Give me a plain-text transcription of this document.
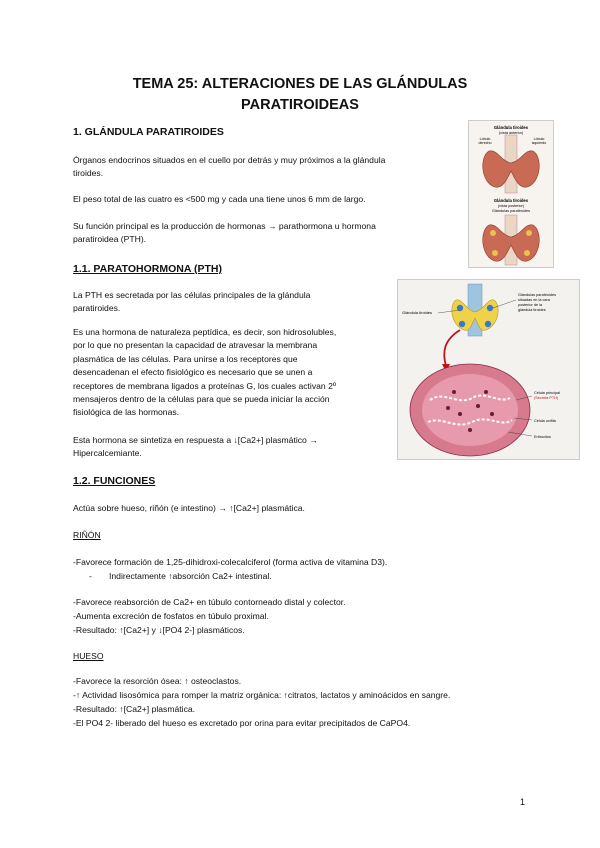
TEMA 25: ALTERACIONES DE LAS GLÁNDULAS
PARATIROIDEAS
1. GLÁNDULA PARATIROIDES
Órganos endocrinos situados en el cuello por detrás y muy próximos a la glándula
tiroides.
El peso total de las cuatro es <500 mg y cada una tiene unos 6 mm de largo.
Su función principal es la producción de hormonas → parathormona u hormona
paratiroidea (PTH).
Glándula tiroides
(vista anterior)
Lóbulo
derecho
Lóbulo
izquierdo
Glándula tiroides
(vista posterior)
Glándulas paratiroides
1.1. PARATOHORMONA (PTH)
La PTH es secretada por las células principales de la glándula
paratiroides.
Es una hormona de naturaleza peptídica, es decir, son hidrosolubles,
por lo que no presentan la capacidad de atravesar la membrana
plasmática de las células. Para unirse a los receptores que
desencadenan el efecto fisiológico es necesario que se unen a
receptores de membrana ligados a proteínas G, los cuales activan 2º
mensajeros dentro de la células para que se pueda iniciar la acción
fisiológica de las hormonas.
Esta hormona se sintetiza en respuesta a ↓[Ca2+] plasmático →
Hipercalcemiante.
Glándula tiroides
Glándulas paratiroides
situadas en la cara
posterior de la
glándula tiroides
Célula principal
(Secreta PTH)
Célula oxífila
Eritrocitos
1.2. FUNCIONES
Actúa sobre hueso, riñón (e intestino) → ↑[Ca2+] plasmática.
RIÑÓN
-Favorece formación de 1,25-dihidroxi-colecalciferol (forma activa de vitamina D3).
- Indirectamente ↑absorción Ca2+ intestinal.
-Favorece reabsorción de Ca2+ en túbulo contorneado distal y colector.
-Aumenta excreción de fosfatos en túbulo proximal.
-Resultado: ↑[Ca2+] y ↓[PO4 2-] plasmáticos.
HUESO
-Favorece la resorción ósea: ↑ osteoclastos.
-↑ Actividad lisosómica para romper la matriz orgánica: ↑citratos, lactatos y aminoácidos en sangre.
-Resultado: ↑[Ca2+] plasmática.
-El PO4 2- liberado del hueso es excretado por orina para evitar precipitados de CaPO4.
1
